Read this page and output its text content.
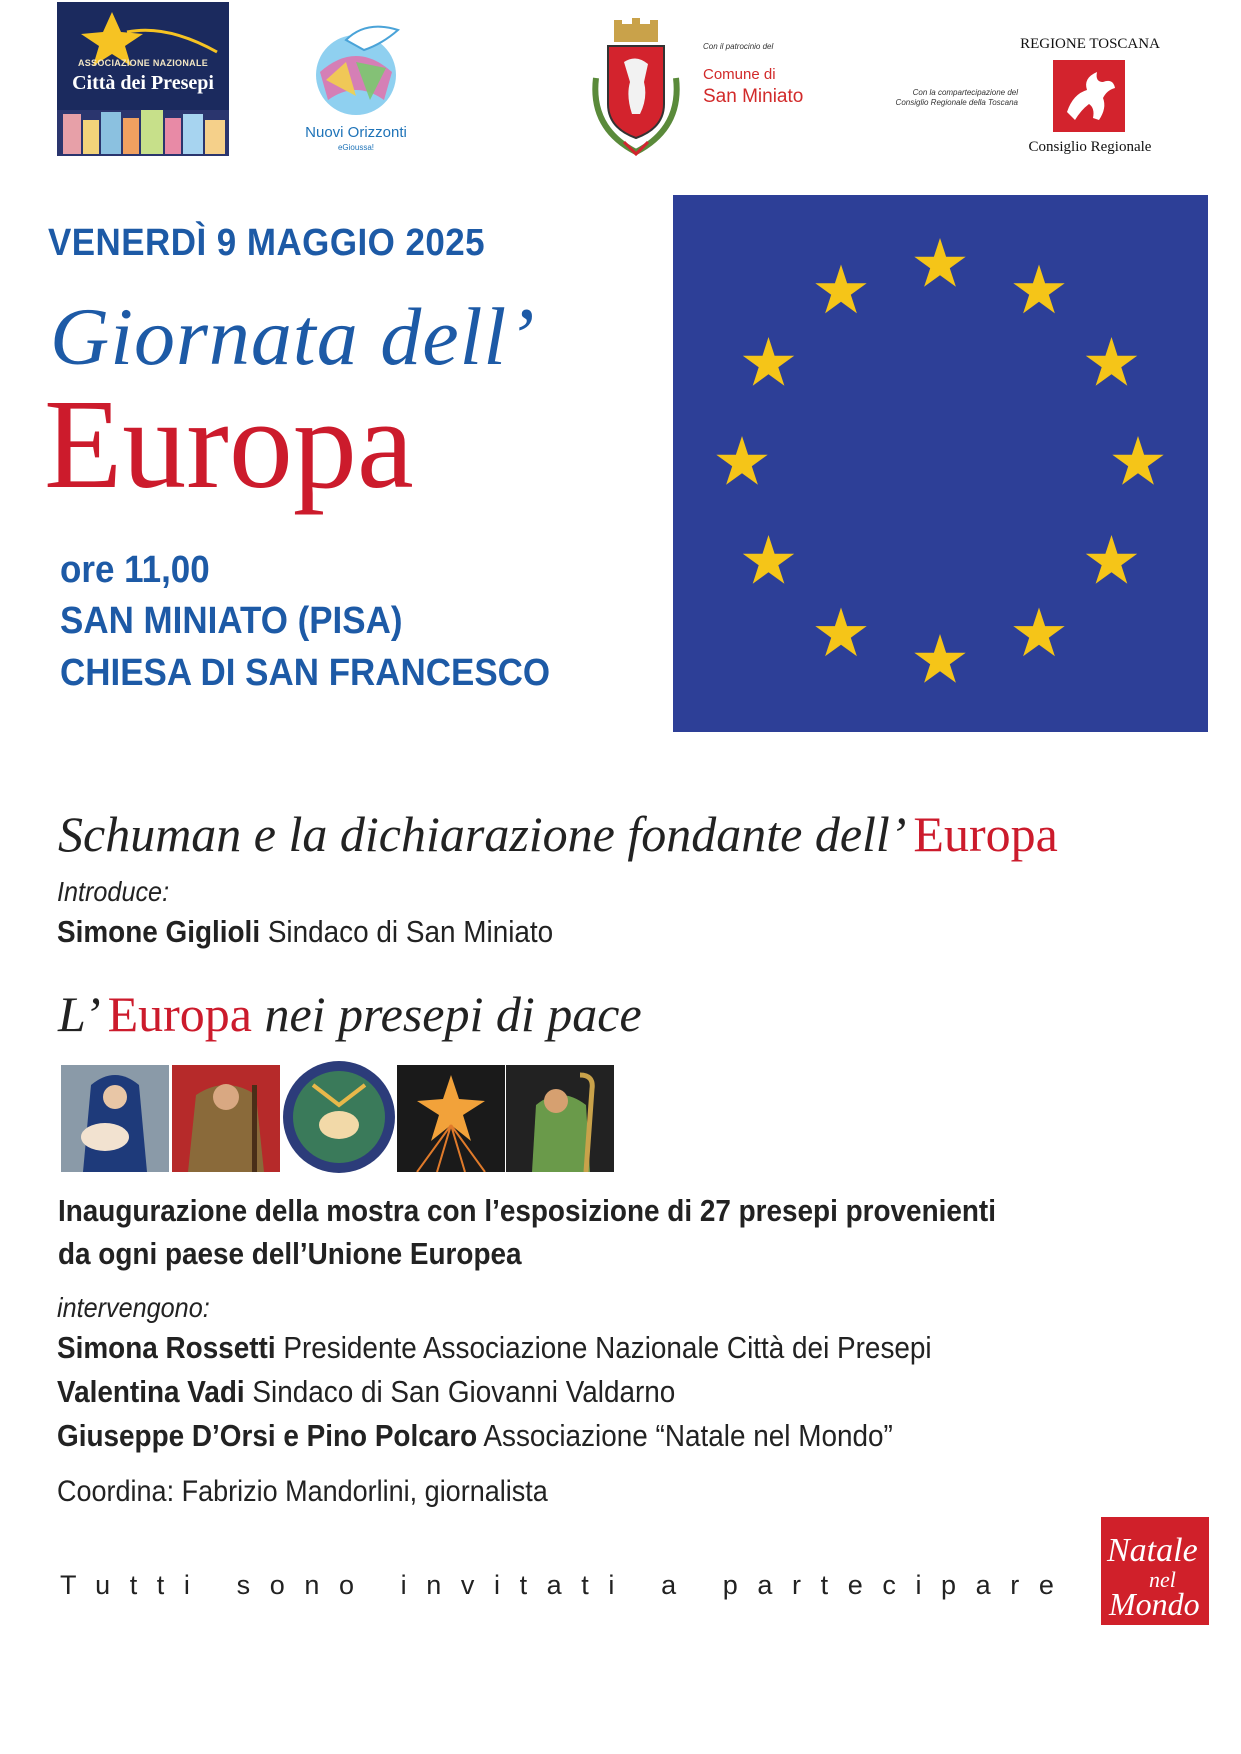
ASSOCIAZIONE NAZIONALE
Città dei Presepi
Nuovi Orizzonti
eGioussa!
Con il patrocinio del
Comune di
San Miniato
REGIONE TOSCANA
Con la compartecipazione del
Consiglio Regionale della Toscana
Consiglio Regionale
VENERDÌ 9 MAGGIO 2025
Giornata dell’
Europa
ore 11,00
SAN MINIATO (PISA)
CHIESA DI SAN FRANCESCO
Schuman e la dichiarazione fondante dell’ Europa
Introduce:
Simone Giglioli Sindaco di San Miniato
L’ Europa nei presepi di pace
Inaugurazione della mostra con l’esposizione di 27 presepi provenienti
da ogni paese dell’Unione Europea
intervengono:
Simona Rossetti Presidente Associazione Nazionale Città dei Presepi
Valentina Vadi Sindaco di San Giovanni Valdarno
Giuseppe D’Orsi e Pino Polcaro Associazione “Natale nel Mondo”
Coordina: Fabrizio Mandorlini, giornalista
Tutti sono invitati a partecipare
Natale
nel
Mondo
